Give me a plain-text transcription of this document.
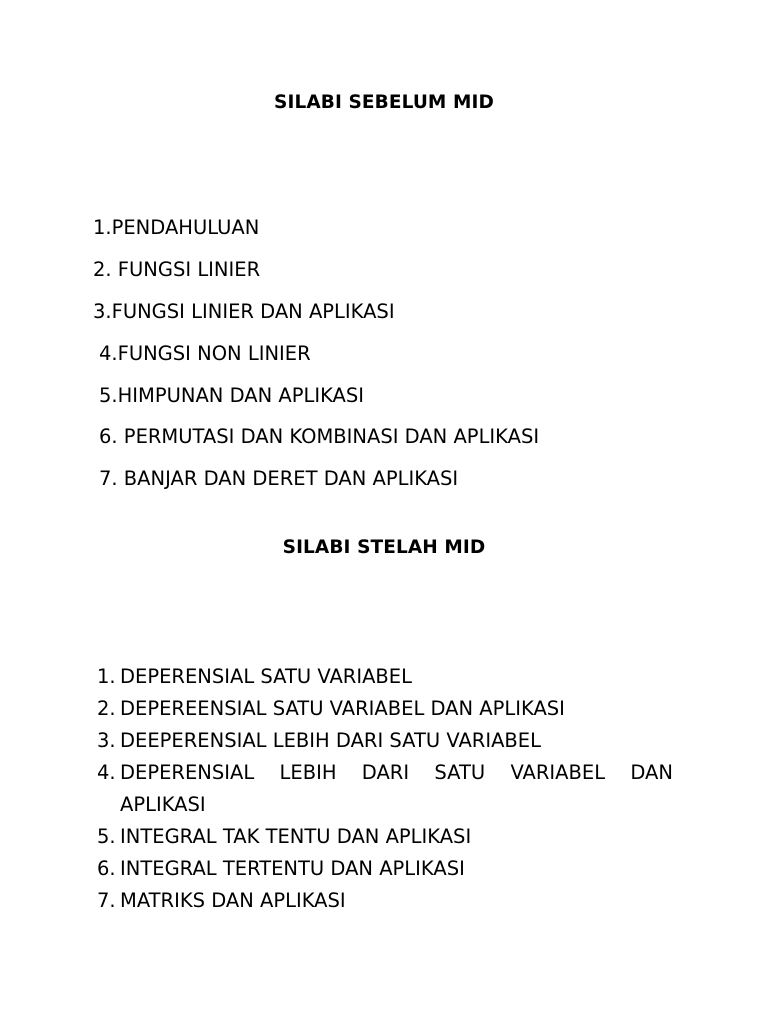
SILABI SEBELUM MID
1.PENDAHULUAN
2. FUNGSI LINIER
3.FUNGSI LINIER DAN APLIKASI
4.FUNGSI NON LINIER
5.HIMPUNAN DAN APLIKASI
6. PERMUTASI DAN KOMBINASI DAN APLIKASI
7. BANJAR DAN DERET DAN APLIKASI
SILABI STELAH MID
1. DEPERENSIAL SATU VARIABEL
2. DEPEREENSIAL SATU VARIABEL DAN APLIKASI
3. DEEPERENSIAL LEBIH DARI SATU VARIABEL
4. DEPERENSIAL LEBIH DARI SATU VARIABEL DAN
APLIKASI
5. INTEGRAL TAK TENTU DAN APLIKASI
6. INTEGRAL TERTENTU DAN APLIKASI
7. MATRIKS DAN APLIKASI
